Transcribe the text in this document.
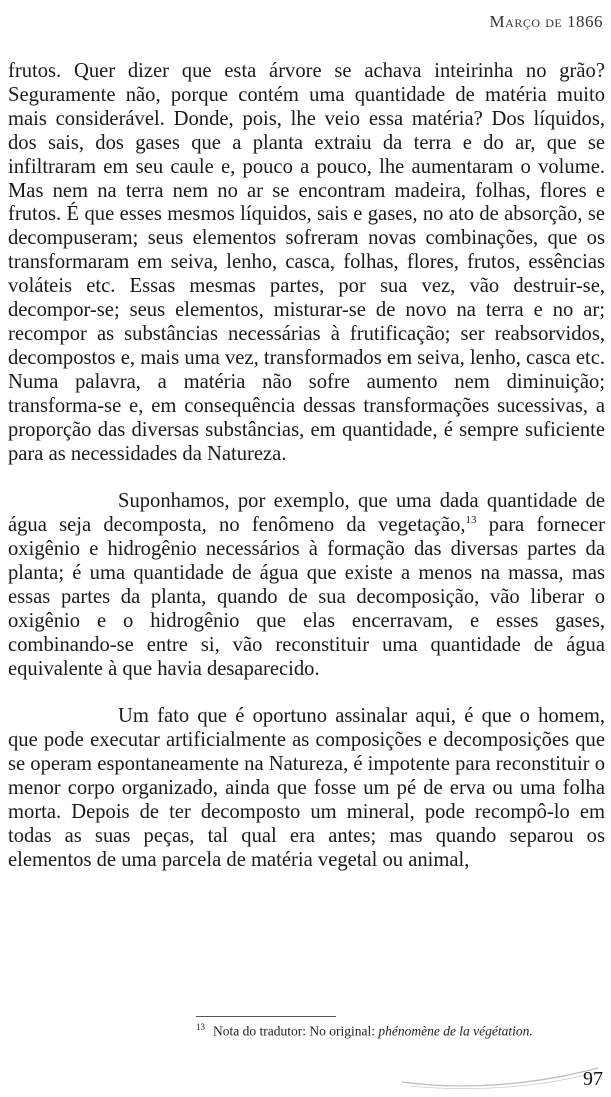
Março de 1866

frutos. Quer dizer que esta árvore se achava inteirinha no grão? Seguramente não, porque contém uma quantidade de matéria muito mais considerável. Donde, pois, lhe veio essa matéria? Dos líquidos, dos sais, dos gases que a planta extraiu da terra e do ar, que se infiltraram em seu caule e, pouco a pouco, lhe aumentaram o volume. Mas nem na terra nem no ar se encontram madeira, folhas, flores e frutos. É que esses mesmos líquidos, sais e gases, no ato de absorção, se decompuseram; seus elementos sofreram novas combinações, que os transformaram em seiva, lenho, casca, folhas, flores, frutos, essências voláteis etc. Essas mesmas partes, por sua vez, vão destruir-se, decompor-se; seus elementos, misturar-se de novo na terra e no ar; recompor as substâncias necessárias à frutificação; ser reabsorvidos, decompostos e, mais uma vez, transformados em seiva, lenho, casca etc. Numa palavra, a matéria não sofre aumento nem diminuição; transforma-se e, em consequência dessas transformações sucessivas, a proporção das diversas substâncias, em quantidade, é sempre suficiente para as necessidades da Natureza.

Suponhamos, por exemplo, que uma dada quantidade de água seja decomposta, no fenômeno da vegetação,$^{13}$ para fornecer oxigênio e hidrogênio necessários à formação das diversas partes da planta; é uma quantidade de água que existe a menos na massa, mas essas partes da planta, quando de sua decomposição, vão liberar o oxigênio e o hidrogênio que elas encerravam, e esses gases, combinando-se entre si, vão reconstituir uma quantidade de água equivalente à que havia desaparecido.

Um fato que é oportuno assinalar aqui, é que o homem, que pode executar artificialmente as composições e decomposições que se operam espontaneamente na Natureza, é impotente para reconstituir o menor corpo organizado, ainda que fosse um pé de erva ou uma folha morta. Depois de ter decomposto um mineral, pode recompô-lo em todas as suas peças, tal qual era antes; mas quando separou os elementos de uma parcela de matéria vegetal ou animal,

$^{13}$ Nota do tradutor: No original: phénomène de la végétation.
97
